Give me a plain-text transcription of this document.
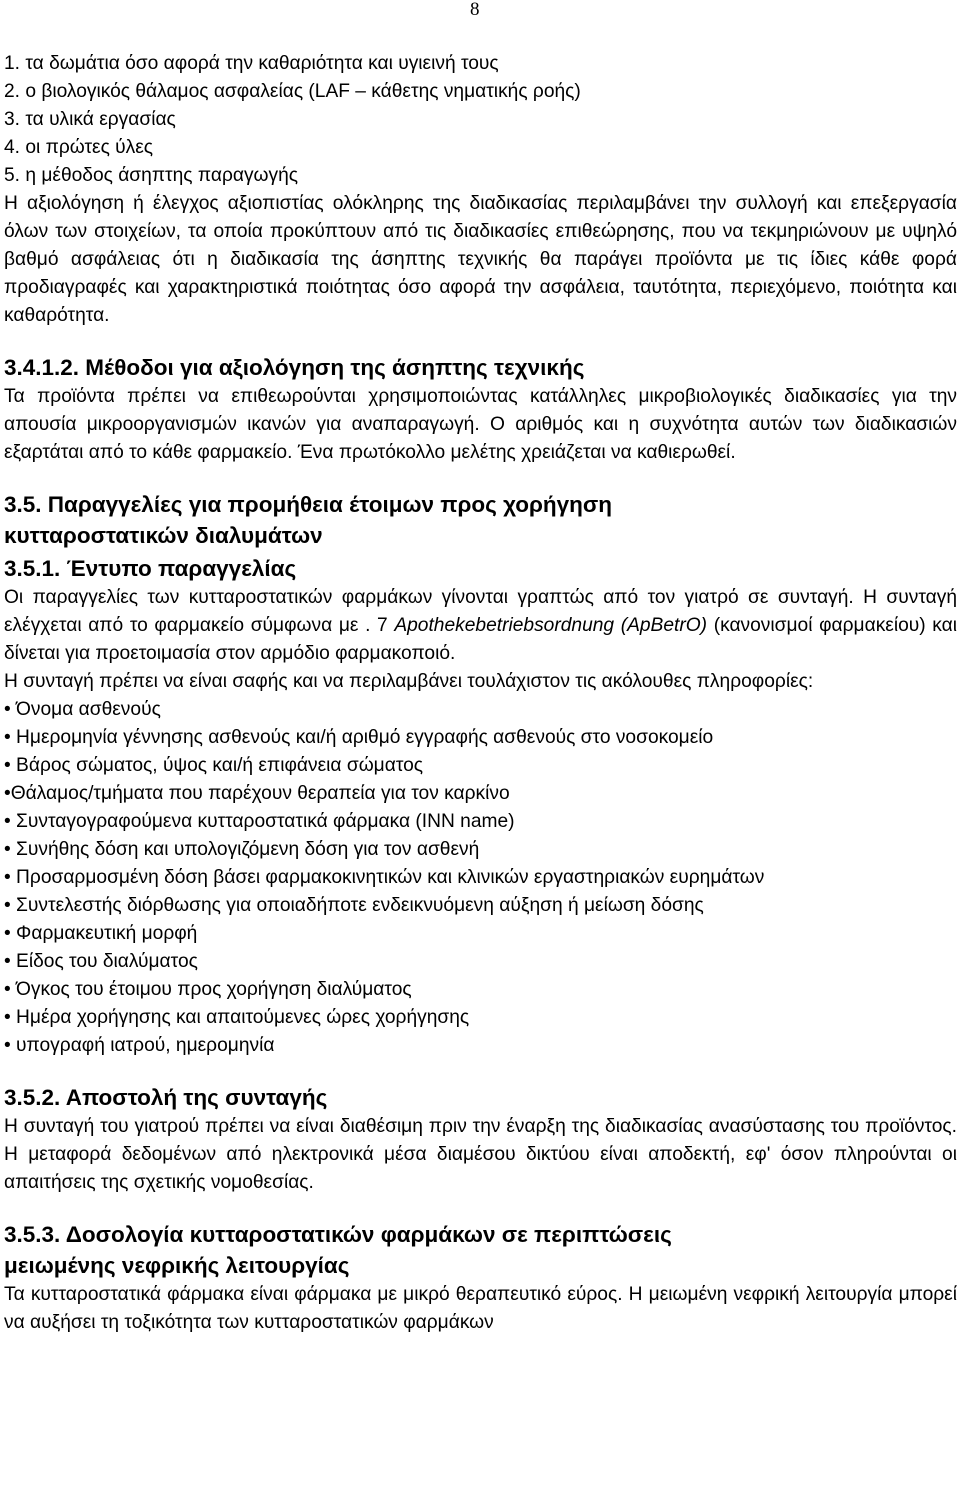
8
1. τα δωμάτια όσο αφορά την καθαριότητα και υγιεινή τους
2. ο βιολογικός θάλαμος ασφαλείας (LAF – κάθετης νηματικής ροής)
3. τα υλικά εργασίας
4. οι πρώτες ύλες
5. η μέθοδος άσηπτης παραγωγής

Η αξιολόγηση ή έλεγχος αξιοπιστίας ολόκληρης της διαδικασίας περιλαμβάνει την συλλογή και επεξεργασία όλων των στοιχείων, τα οποία προκύπτουν από τις διαδικασίες επιθεώρησης, που να τεκμηριώνουν με υψηλό βαθμό ασφάλειας ότι η διαδικασία της άσηπτης τεχνικής θα παράγει προϊόντα με τις ίδιες κάθε φορά προδιαγραφές και χαρακτηριστικά ποιότητας όσο αφορά την ασφάλεια, ταυτότητα, περιεχόμενο, ποιότητα και καθαρότητα.

3.4.1.2. Μέθοδοι για αξιολόγηση της άσηπτης τεχνικής

Τα προϊόντα πρέπει να επιθεωρούνται χρησιμοποιώντας κατάλληλες μικροβιολογικές διαδικασίες για την απουσία μικροοργανισμών ικανών για αναπαραγωγή. Ο αριθμός και η συχνότητα αυτών των διαδικασιών εξαρτάται από το κάθε φαρμακείο. Ένα πρωτόκολλο μελέτης χρειάζεται να καθιερωθεί.

3.5. Παραγγελίες για προμήθεια έτοιμων προς χορήγηση
κυτταροστατικών διαλυμάτων
3.5.1. Έντυπο παραγγελίας

Οι παραγγελίες των κυτταροστατικών φαρμάκων γίνονται γραπτώς από τον γιατρό σε συνταγή. Η συνταγή ελέγχεται από το φαρμακείο σύμφωνα με . 7 Apothekebetriebsordnung (ApBetrO) (κανονισμοί φαρμακείου) και δίνεται για προετοιμασία στον αρμόδιο φαρμακοποιό.

Η συνταγή πρέπει να είναι σαφής και να περιλαμβάνει τουλάχιστον τις ακόλουθες πληροφορίες:

• Όνομα ασθενούς
• Ημερομηνία γέννησης ασθενούς και/ή αριθμό εγγραφής ασθενούς στο νοσοκομείο
• Βάρος σώματος, ύψος και/ή επιφάνεια σώματος
•Θάλαμος/τμήματα που παρέχουν θεραπεία για τον καρκίνο
• Συνταγογραφούμενα κυτταροστατικά φάρμακα (INN name)
• Συνήθης δόση και υπολογιζόμενη δόση για τον ασθενή
• Προσαρμοσμένη δόση βάσει φαρμακοκινητικών και κλινικών εργαστηριακών ευρημάτων
• Συντελεστής διόρθωσης για οποιαδήποτε ενδεικνυόμενη αύξηση ή μείωση δόσης
• Φαρμακευτική μορφή
• Είδος του διαλύματος
• Όγκος του έτοιμου προς χορήγηση διαλύματος
• Ημέρα χορήγησης και απαιτούμενες ώρες χορήγησης
• υπογραφή ιατρού, ημερομηνία
3.5.2. Αποστολή της συνταγής

Η συνταγή του γιατρού πρέπει να είναι διαθέσιμη πριν την έναρξη της διαδικασίας ανασύστασης του προϊόντος. Η μεταφορά δεδομένων από ηλεκτρονικά μέσα διαμέσου δικτύου είναι αποδεκτή, εφ' όσον πληρούνται οι απαιτήσεις της σχετικής νομοθεσίας.

3.5.3. Δοσολογία κυτταροστατικών φαρμάκων σε περιπτώσεις
μειωμένης νεφρικής λειτουργίας

Τα κυτταροστατικά φάρμακα είναι φάρμακα με μικρό θεραπευτικό εύρος. Η μειωμένη νεφρική λειτουργία μπορεί να αυξήσει τη τοξικότητα των κυτταροστατικών φαρμάκων
